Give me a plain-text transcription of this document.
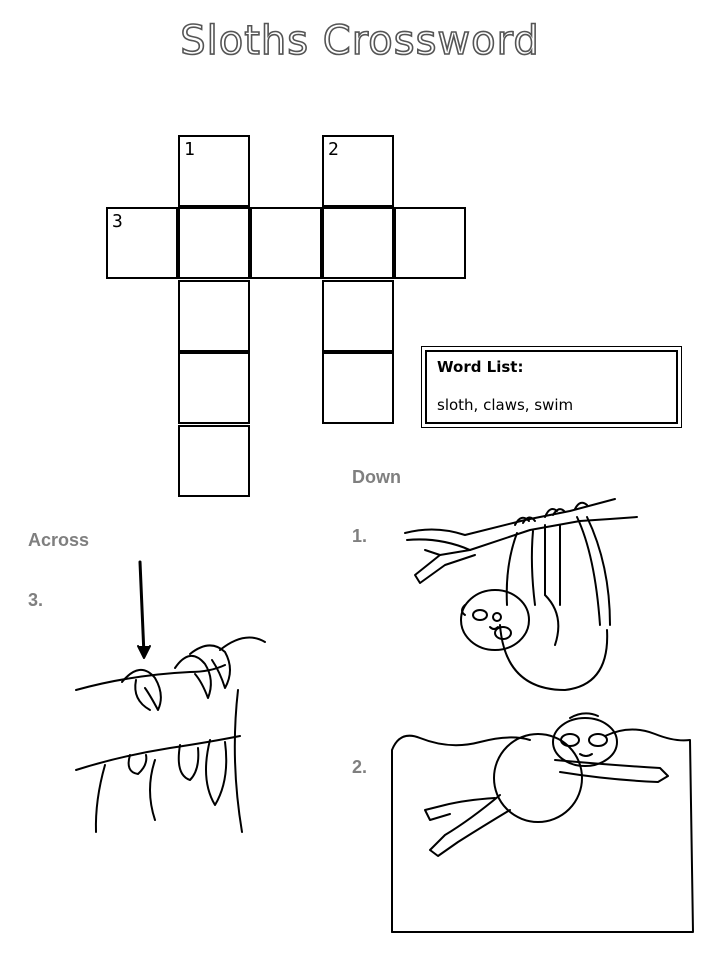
Sloths Crossword
1	2
3
Word List:
sloth, claws, swim
Down
1.
2.
Across
3.
